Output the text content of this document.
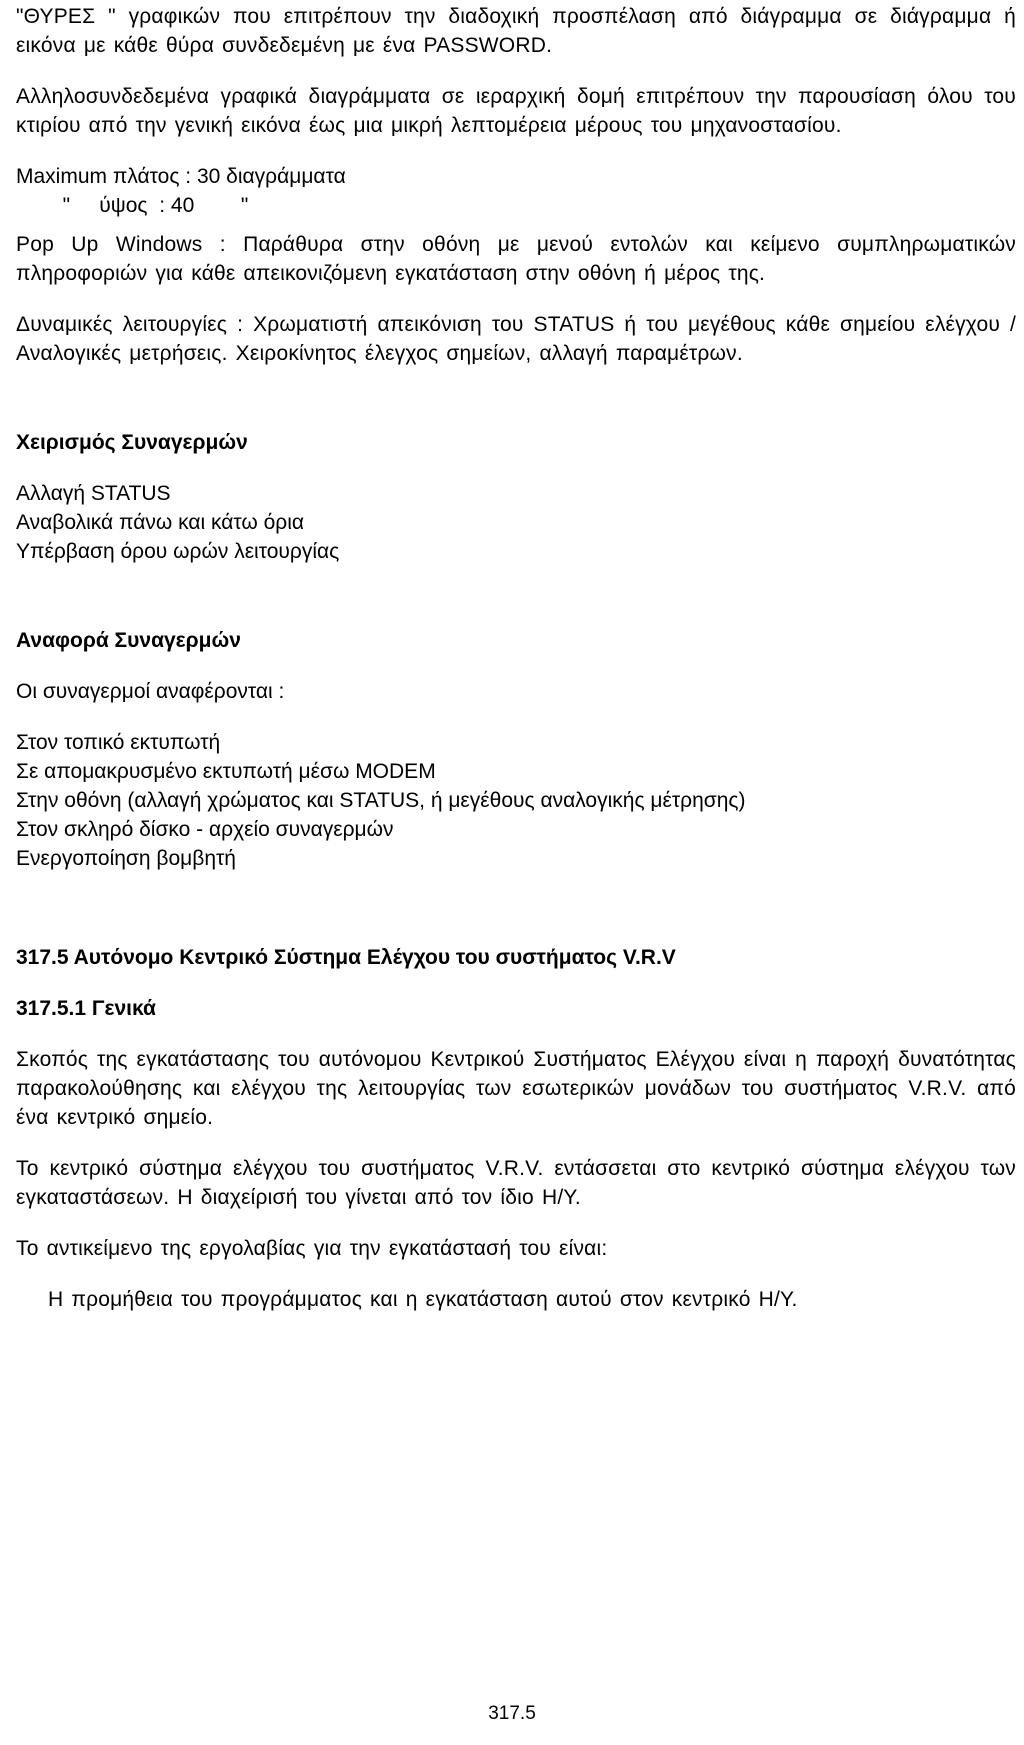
"ΘΥΡΕΣ " γραφικών που επιτρέπουν την διαδοχική προσπέλαση από διάγραμμα σε διάγραμμα ή εικόνα με κάθε θύρα συνδεδεμένη με ένα PASSWORD.

Αλληλοσυνδεδεμένα γραφικά διαγράμματα σε ιεραρχική δομή επιτρέπουν την παρουσίαση όλου του κτιρίου από την γενική εικόνα έως μια μικρή λεπτομέρεια μέρους του μηχανοστασίου.

Maximum πλάτος : 30 διαγράμματα
"     ύψος  : 40        "

Pop Up Windows : Παράθυρα στην οθόνη με μενού εντολών και κείμενο συμπληρωματικών πληροφοριών για κάθε απεικονιζόμενη εγκατάσταση στην οθόνη ή μέρος της.

Δυναμικές λειτουργίες : Χρωματιστή απεικόνιση του STATUS ή του μεγέθους κάθε σημείου ελέγχου / Αναλογικές μετρήσεις. Χειροκίνητος έλεγχος σημείων, αλλαγή παραμέτρων.

Χειρισμός Συναγερμών

Αλλαγή STATUS
Αναβολικά πάνω και κάτω όρια
Υπέρβαση όρου ωρών λειτουργίας

Αναφορά Συναγερμών

Οι συναγερμοί αναφέρονται :
Στον τοπικό εκτυπωτή
Σε απομακρυσμένο εκτυπωτή μέσω MODEM
Στην οθόνη (αλλαγή χρώματος και STATUS, ή μεγέθους αναλογικής μέτρησης)
Στον σκληρό δίσκο - αρχείο συναγερμών
Ενεργοποίηση βομβητή

317.5 Αυτόνομο Κεντρικό Σύστημα Ελέγχου του συστήματος V.R.V

317.5.1 Γενικά

Σκοπός της εγκατάστασης του αυτόνομου Κεντρικού Συστήματος Ελέγχου είναι η παροχή δυνατότητας παρακολούθησης και ελέγχου της λειτουργίας των εσωτερικών μονάδων του συστήματος V.R.V. από ένα κεντρικό σημείο.

Το κεντρικό σύστημα ελέγχου του συστήματος V.R.V. εντάσσεται στο κεντρικό σύστημα ελέγχου των εγκαταστάσεων. Η διαχείρισή του γίνεται από τον ίδιο Η/Υ.

Το αντικείμενο της εργολαβίας για την εγκατάστασή του είναι:

Η προμήθεια του προγράμματος και η εγκατάσταση αυτού στον κεντρικό Η/Υ.

317.5
